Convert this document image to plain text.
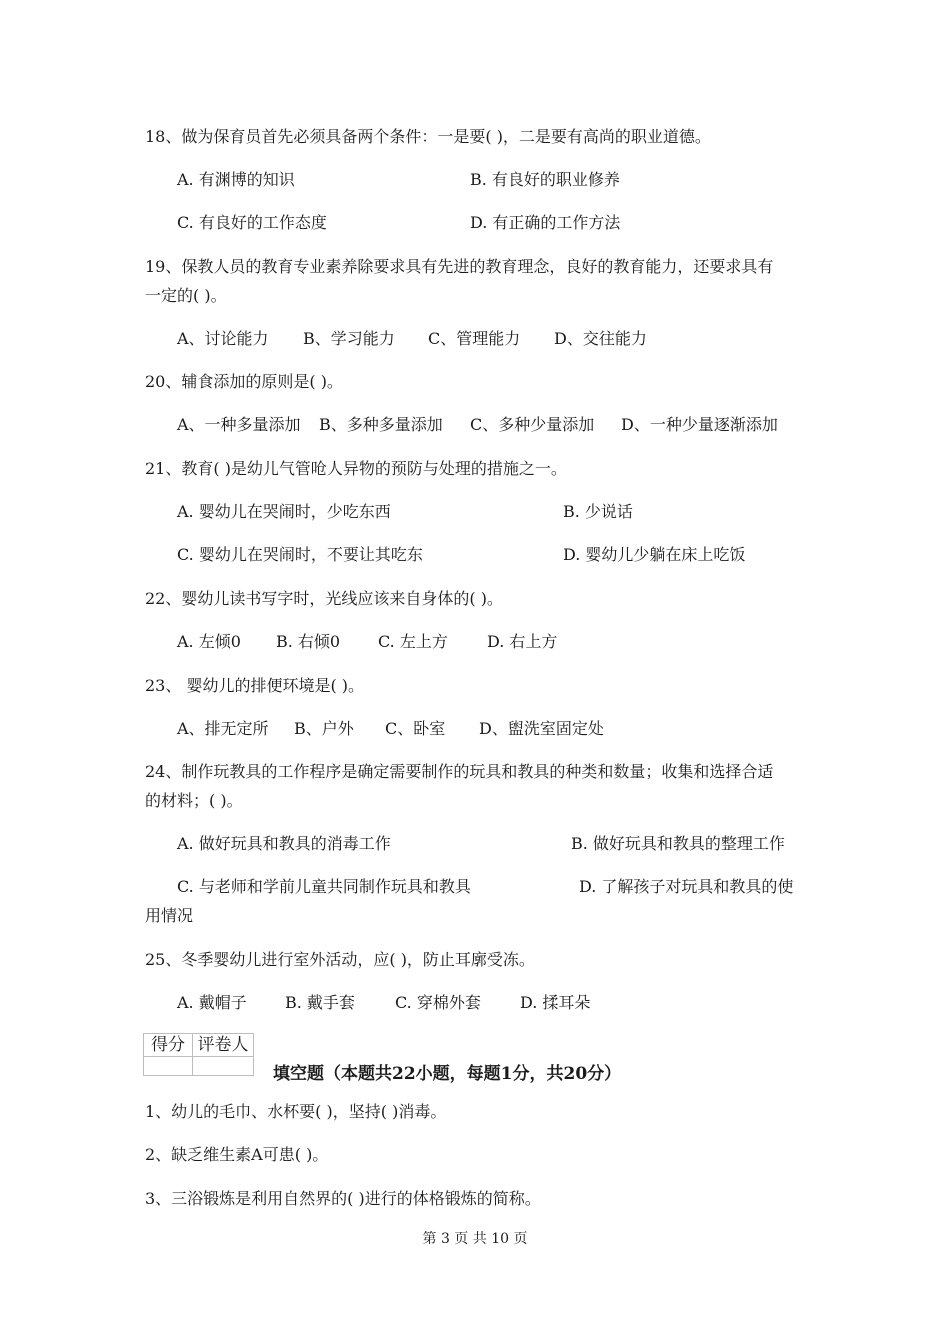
18、做为保育员首先必须具备两个条件：一是要( )，二是要有高尚的职业道德。
A. 有渊博的知识	B. 有良好的职业修养
C. 有良好的工作态度	D. 有正确的工作方法
19、保教人员的教育专业素养除要求具有先进的教育理念，良好的教育能力，还要求具有
一定的( )。
A、讨论能力 B、学习能力 C、管理能力 D、交往能力
20、辅食添加的原则是( )。
A、一种多量添加 B、多种多量添加 C、多种少量添加 D、一种少量逐渐添加
21、教育( )是幼儿气管呛人异物的预防与处理的措施之一。
A. 婴幼儿在哭闹时，少吃东西	B. 少说话
C. 婴幼儿在哭闹时，不要让其吃东	D. 婴幼儿少躺在床上吃饭
22、婴幼儿读书写字时，光线应该来自身体的( )。
A. 左倾0 B. 右倾0 C. 左上方 D. 右上方
23、 婴幼儿的排便环境是( )。
A、排无定所 B、户外 C、卧室 D、盥洗室固定处
24、制作玩教具的工作程序是确定需要制作的玩具和教具的种类和数量；收集和选择合适
的材料；( )。
A. 做好玩具和教具的消毒工作	B. 做好玩具和教具的整理工作
C. 与老师和学前儿童共同制作玩具和教具	D. 了解孩子对玩具和教具的使
用情况
25、冬季婴幼儿进行室外活动，应( )，防止耳廓受冻。
A. 戴帽子 B. 戴手套	C. 穿棉外套 D. 揉耳朵
得分	评卷人

填空题（本题共22小题，每题1分，共20分）
1、幼儿的毛巾、水杯要( )，坚持( )消毒。
2、缺乏维生素A可患( )。
3、三浴锻炼是利用自然界的( )进行的体格锻炼的简称。
第 3 页 共 10 页
